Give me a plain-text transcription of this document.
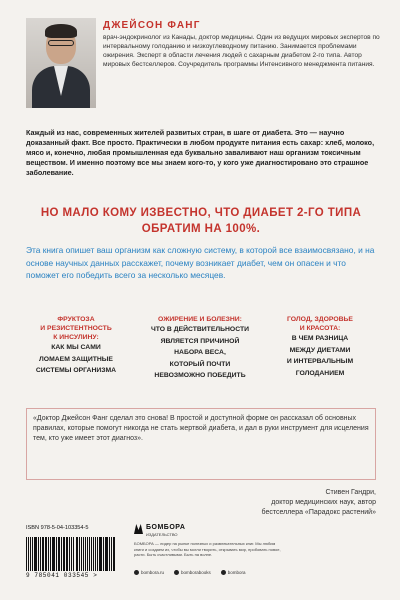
ДЖЕЙСОН ФАНГ
врач-эндокринолог из Канады, доктор медицины. Один из ведущих мировых экспертов по интервальному голоданию и низкоуглеводному питанию. Занимается проблемами ожирения. Эксперт в области лечения людей с сахарным диабетом 2-го типа. Автор мировых бестселлеров. Соучредитель программы Интенсивного менеджмента питания.
Каждый из нас, современных жителей развитых стран, в шаге от диабета. Это — научно доказанный факт. Все просто. Практически в любом продукте питания есть сахар: хлеб, молоко, мясо и, конечно, любая промышленная еда буквально заваливают наш организм токсичным веществом. И именно поэтому все мы знаем кого-то, у кого уже диагностировано это страшное заболевание.
НО МАЛО КОМУ ИЗВЕСТНО, ЧТО ДИАБЕТ 2-ГО ТИПА
ОБРАТИМ НА 100%.
Эта книга опишет ваш организм как сложную систему, в которой все взаимосвязано, и на основе научных данных расскажет, почему возникает диабет, чем он опасен и что поможет его победить всего за несколько месяцев.
ФРУКТОЗА
И РЕЗИСТЕНТНОСТЬ
К ИНСУЛИНУ:
КАК МЫ САМИ
ЛОМАЕМ ЗАЩИТНЫЕ
СИСТЕМЫ ОРГАНИЗМА
ОЖИРЕНИЕ И БОЛЕЗНИ:
ЧТО В ДЕЙСТВИТЕЛЬНОСТИ
ЯВЛЯЕТСЯ ПРИЧИНОЙ
НАБОРА ВЕСА,
КОТОРЫЙ ПОЧТИ
НЕВОЗМОЖНО ПОБЕДИТЬ
ГОЛОД, ЗДОРОВЬЕ
И КРАСОТА:
В ЧЕМ РАЗНИЦА
МЕЖДУ ДИЕТАМИ
И ИНТЕРВАЛЬНЫМ
ГОЛОДАНИЕМ
«Доктор Джейсон Фанг сделал это снова! В простой и доступной форме он рассказал об основных правилах, которые помогут никогда не стать жертвой диабета, и дал в руки инструмент для исцеления тем, кто уже имеет этот диагноз».
Стивен Гандри,
доктор медицинских наук, автор
бестселлера «Парадокс растений»
ISBN 978-5-04-103354-5
9 785041 033545 >
БОМБОРА
ИЗДАТЕЛЬСТВО
БОМБОРА — лидер на рынке полезных и развлекательных книг. Мы любим книги и создаем их, чтобы вы могли творить, открывать мир, пробовать новое, расти. Быть счастливыми. Быть на волне.
bombora.ru	bomborabooks	bombora
